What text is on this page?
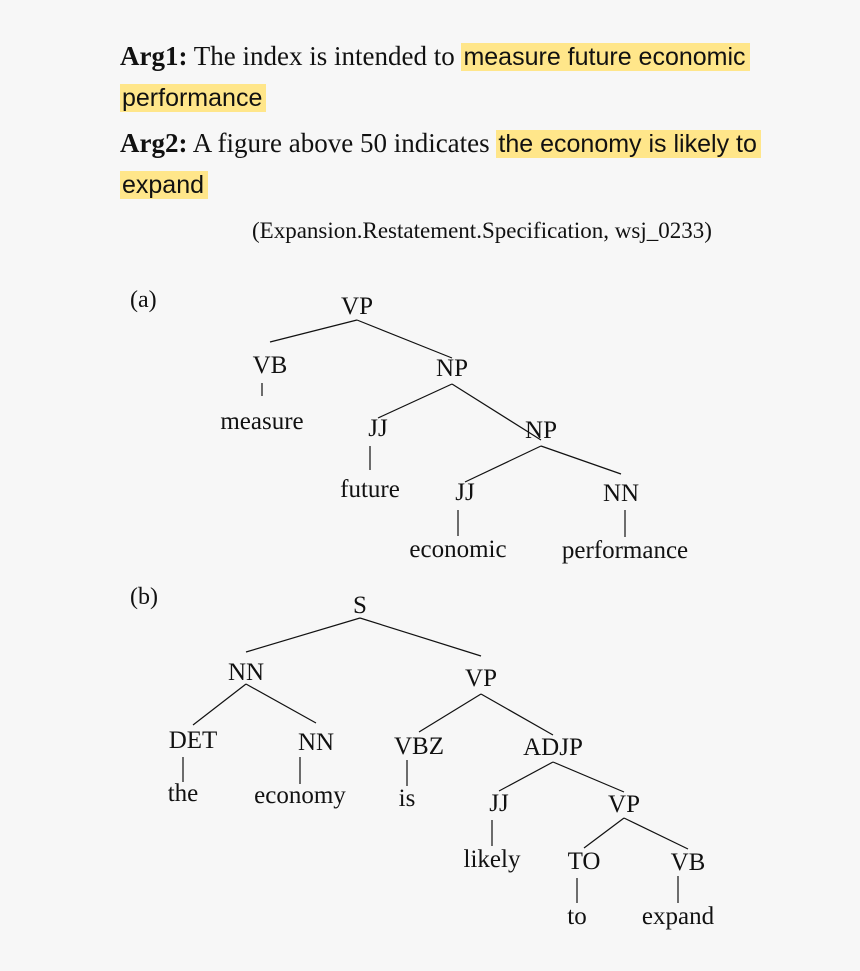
Arg1: The index is intended to measure future economic performance

Arg2: A figure above 50 indicates the economy is likely to expand

(Expansion.Restatement.Specification, wsj_0233)

(a)
(b)
VP
VB	NP
measure	JJ	NP
future JJ	NN
economic performance
S
NN	VP
DET	NN VBZ	ADJP
the economy is	JJ	VP
likely TO	VB
to expand
